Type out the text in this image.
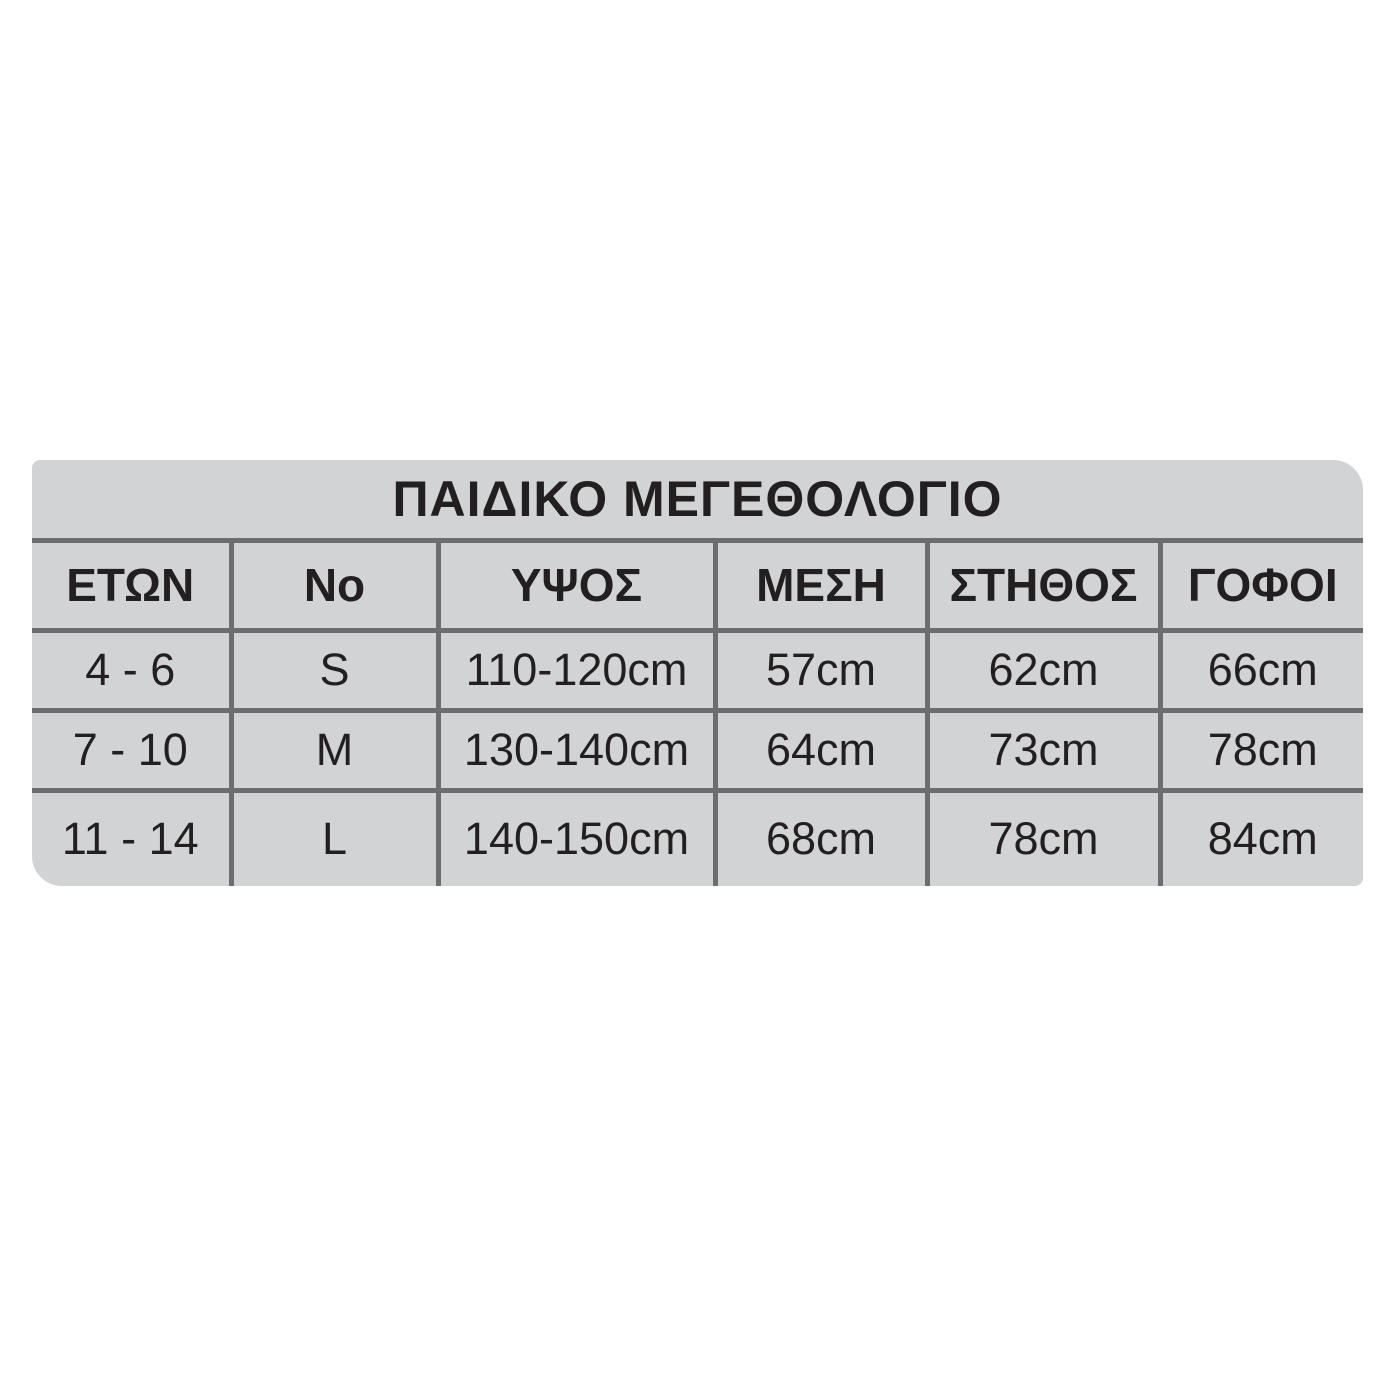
ΠΑΙΔΙΚΟ ΜΕΓΕΘΟΛΟΓΙΟ					
ΕΤΩΝ	No	ΥΨΟΣ	ΜΕΣΗ	ΣΤΗΘΟΣ	ΓΟΦΟΙ
4 - 6	S	110-120cm	57cm	62cm	66cm
7 - 10	M	130-140cm	64cm	73cm	78cm
11 - 14	L	140-150cm	68cm	78cm	84cm
